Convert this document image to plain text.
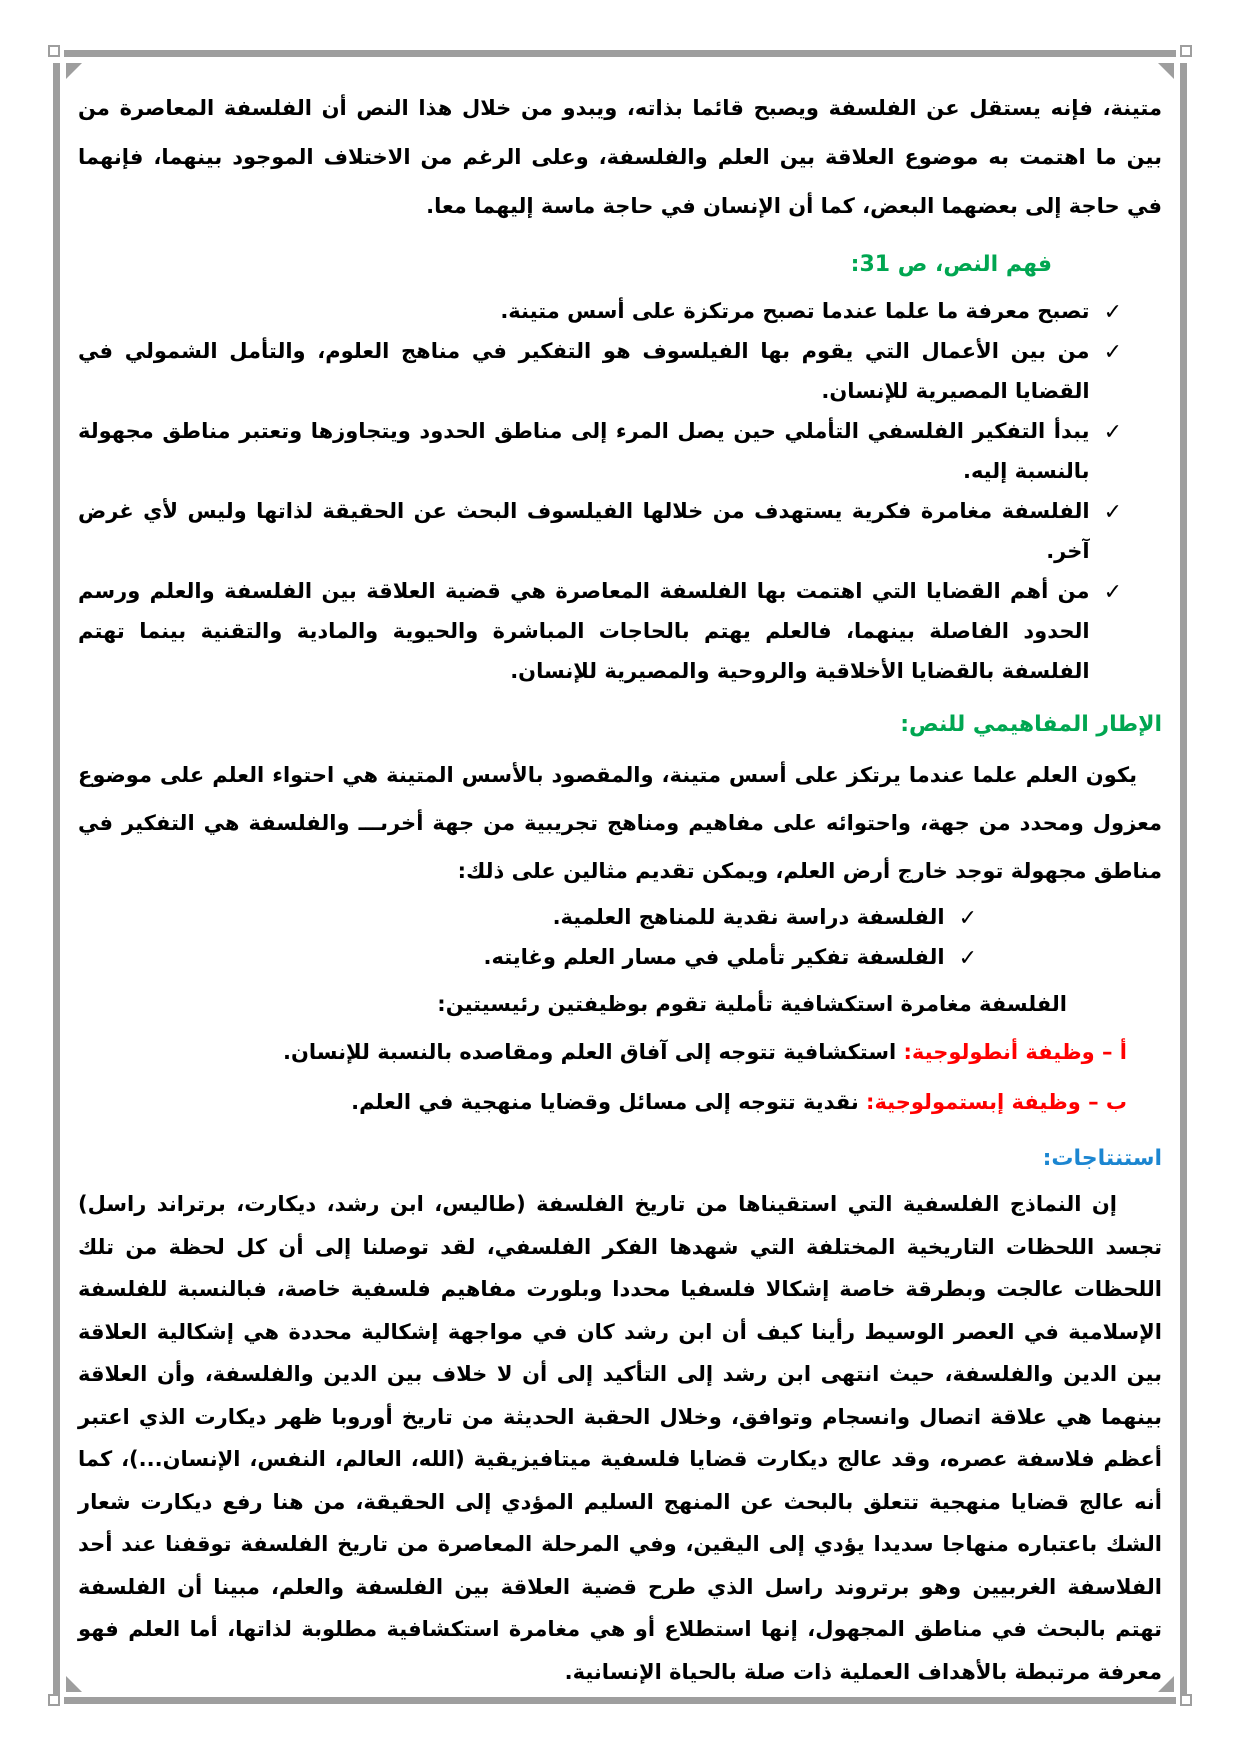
متينة، فإنه يستقل عن الفلسفة ويصبح قائما بذاته، ويبدو من خلال هذا النص أن الفلسفة المعاصرة من بين ما اهتمت به موضوع العلاقة بين العلم والفلسفة، وعلى الرغم من الاختلاف الموجود بينهما، فإنهما في حاجة إلى بعضهما البعض، كما أن الإنسان في حاجة ماسة إليهما معا.

فهم النص، ص 31:
✓
تصبح معرفة ما علما عندما تصبح مرتكزة على أسس متينة.
✓
من بين الأعمال التي يقوم بها الفيلسوف هو التفكير في مناهج العلوم، والتأمل الشمولي في القضايا المصيرية للإنسان.
✓
يبدأ التفكير الفلسفي التأملي حين يصل المرء إلى مناطق الحدود ويتجاوزها وتعتبر مناطق مجهولة بالنسبة إليه.
✓
الفلسفة مغامرة فكرية يستهدف من خلالها الفيلسوف البحث عن الحقيقة لذاتها وليس لأي غرض آخر.
✓
من أهم القضايا التي اهتمت بها الفلسفة المعاصرة هي قضية العلاقة بين الفلسفة والعلم ورسم الحدود الفاصلة بينهما، فالعلم يهتم بالحاجات المباشرة والحيوية والمادية والتقنية بينما تهتم الفلسفة بالقضايا الأخلاقية والروحية والمصيرية للإنسان.
الإطار المفاهيمي للنص:

يكون العلم علما عندما يرتكز على أسس متينة، والمقصود بالأسس المتينة هي احتواء العلم على موضوع معزول ومحدد من جهة، واحتوائه على مفاهيم ومناهج تجريبية من جهة أخرىـــ والفلسفة هي التفكير في مناطق مجهولة توجد خارج أرض العلم، ويمكن تقديم مثالين على ذلك:

✓
الفلسفة دراسة نقدية للمناهج العلمية.
✓
الفلسفة تفكير تأملي في مسار العلم وغايته.
الفلسفة مغامرة استكشافية تأملية تقوم بوظيفتين رئيسيتين:
أ – وظيفة أنطولوجية: استكشافية تتوجه إلى آفاق العلم ومقاصده بالنسبة للإنسان.
ب – وظيفة إبستمولوجية: نقدية تتوجه إلى مسائل وقضايا منهجية في العلم.
استنتاجات:

إن النماذج الفلسفية التي استقيناها من تاريخ الفلسفة (طاليس، ابن رشد، ديكارت، برتراند راسل) تجسد اللحظات التاريخية المختلفة التي شهدها الفكر الفلسفي، لقد توصلنا إلى أن كل لحظة من تلك اللحظات عالجت وبطرقة خاصة إشكالا فلسفيا محددا وبلورت مفاهيم فلسفية خاصة، فبالنسبة للفلسفة الإسلامية في العصر الوسيط رأينا كيف أن ابن رشد كان في مواجهة إشكالية محددة هي إشكالية العلاقة بين الدين والفلسفة، حيث انتهى ابن رشد إلى التأكيد إلى أن لا خلاف بين الدين والفلسفة، وأن العلاقة بينهما هي علاقة اتصال وانسجام وتوافق، وخلال الحقبة الحديثة من تاريخ أوروبا ظهر ديكارت الذي اعتبر أعظم فلاسفة عصره، وقد عالج ديكارت قضايا فلسفية ميتافيزيقية (الله، العالم، النفس، الإنسان...)، كما أنه عالج قضايا منهجية تتعلق بالبحث عن المنهج السليم المؤدي إلى الحقيقة، من هنا رفع ديكارت شعار الشك باعتباره منهاجا سديدا يؤدي إلى اليقين، وفي المرحلة المعاصرة من تاريخ الفلسفة توقفنا عند أحد الفلاسفة الغربيين وهو برتروند راسل الذي طرح قضية العلاقة بين الفلسفة والعلم، مبينا أن الفلسفة تهتم بالبحث في مناطق المجهول، إنها استطلاع أو هي مغامرة استكشافية مطلوبة لذاتها، أما العلم فهو معرفة مرتبطة بالأهداف العملية ذات صلة بالحياة الإنسانية.
